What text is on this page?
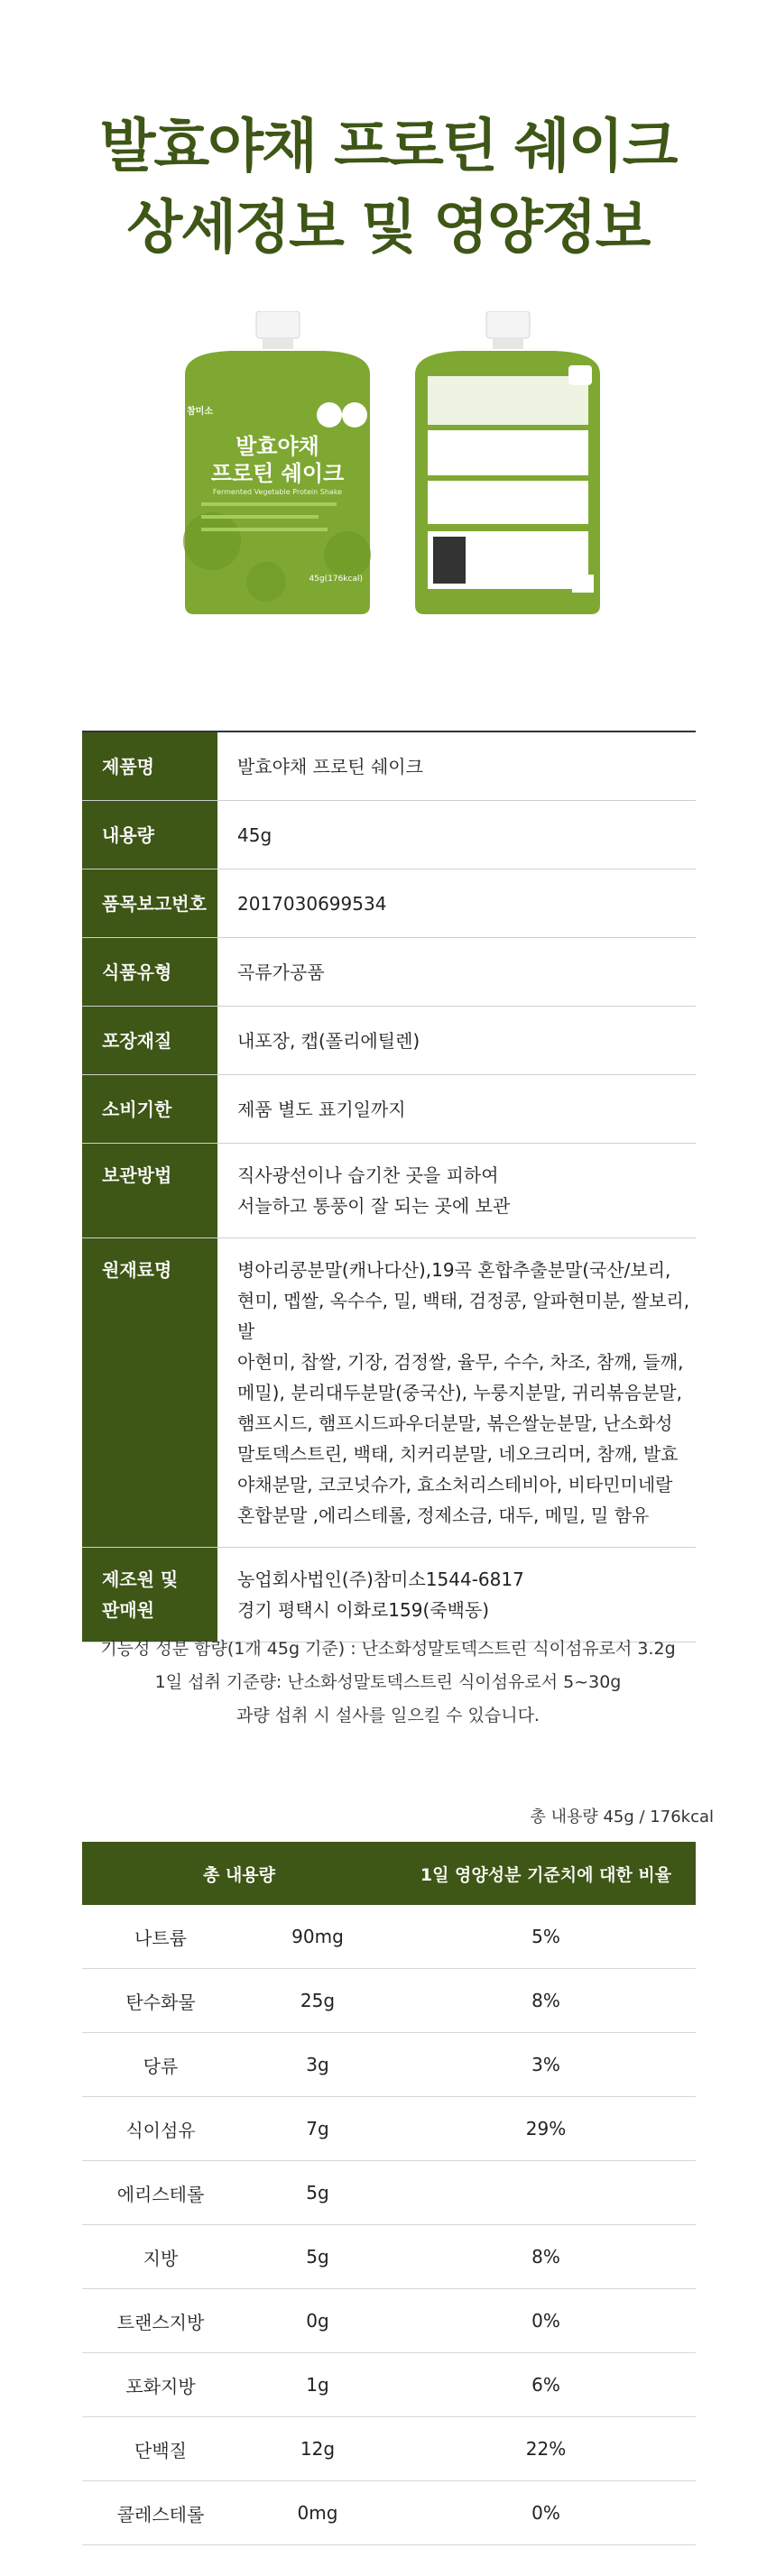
발효야채 프로틴 쉐이크
상세정보 및 영양정보
참미소
발효야채
프로틴 쉐이크
Fermented Vegetable Protein Shake
45g(176kcal)
제품명	발효야채 프로틴 쉐이크
내용량	45g
품목보고번호	2017030699534
식품유형	곡류가공품
포장재질	내포장, 캡(폴리에틸렌)
소비기한	제품 별도 표기일까지
보관방법	직사광선이나 습기찬 곳을 피하여
서늘하고 통풍이 잘 되는 곳에 보관
원재료명	병아리콩분말(캐나다산),19곡 혼합추출분말(국산/보리,
현미, 멥쌀, 옥수수, 밀, 백태, 검정콩, 알파현미분, 쌀보리, 발
아현미, 찹쌀, 기장, 검정쌀, 율무, 수수, 차조, 참깨, 들깨,
메밀), 분리대두분말(중국산), 누룽지분말, 귀리볶음분말,
햄프시드, 햄프시드파우더분말, 볶은쌀눈분말, 난소화성
말토덱스트린, 백태, 치커리분말, 네오크리머, 참깨, 발효
야채분말, 코코넛슈가, 효소처리스테비아, 비타민미네랄
혼합분말 ,에리스테롤, 정제소금, 대두, 메밀, 밀 함유
제조원 및
판매원
농업회사법인(주)참미소1544-6817
경기 평택시 이화로159(죽백동)
기능성 성분 함량(1개 45g 기준) : 난소화성말토덱스트린 식이섬유로서 3.2g
1일 섭취 기준량: 난소화성말토덱스트린 식이섬유로서 5~30g
과량 섭취 시 설사를 일으킬 수 있습니다.
총 내용량 45g / 176kcal
총 내용량		1일 영양성분 기준치에 대한 비율
나트륨	90mg	5%
탄수화물	25g	8%
당류	3g	3%
식이섬유	7g	29%
에리스테롤	5g	
지방	5g	8%
트랜스지방	0g	0%
포화지방	1g	6%
단백질	12g	22%
콜레스테롤	0mg	0%
